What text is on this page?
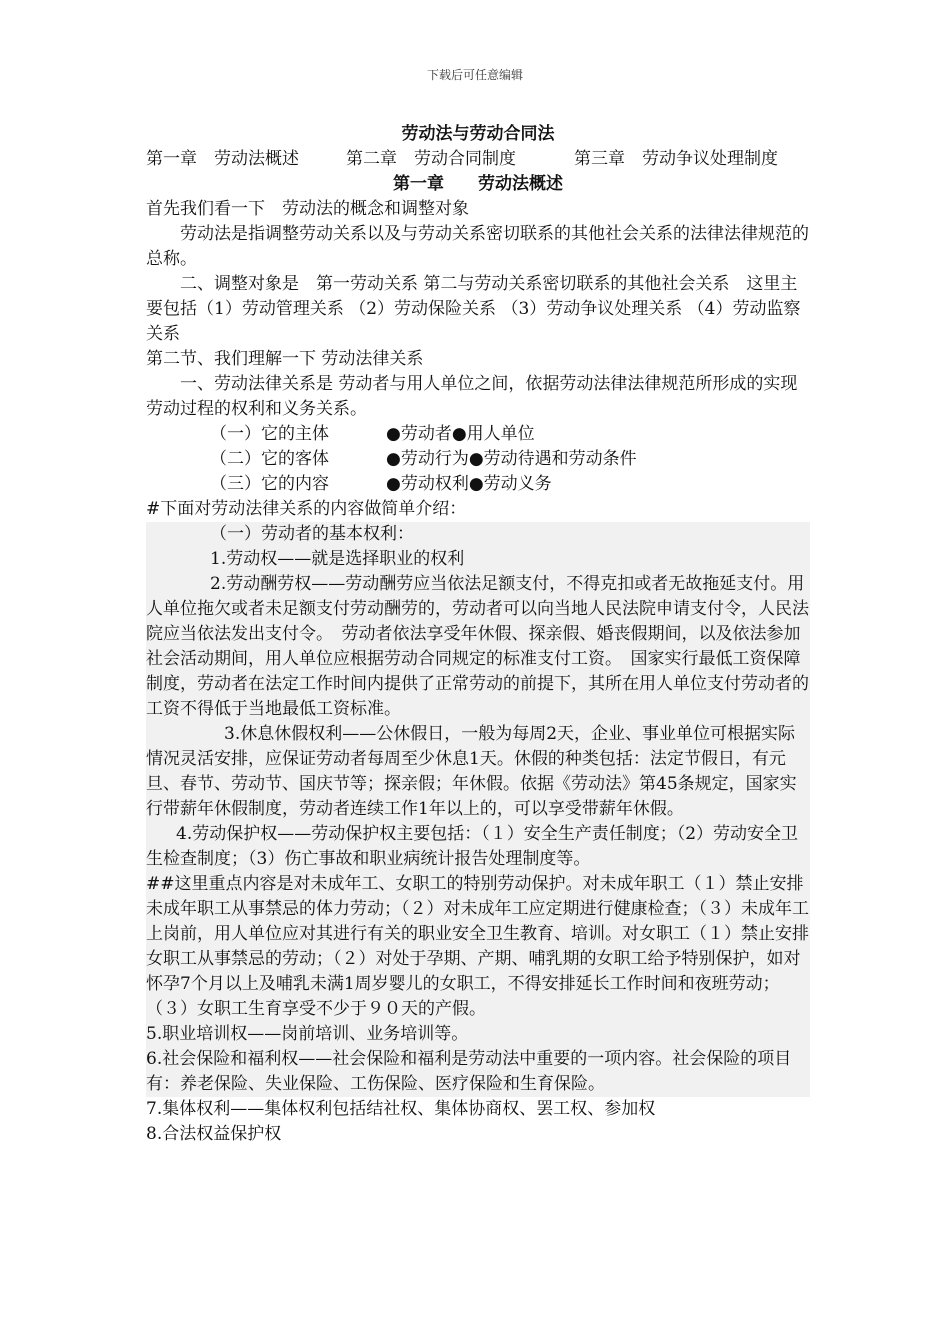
下载后可任意编辑

劳动法与劳动合同法

第一章　劳动法概述	第二章　劳动合同制度	第三章　劳动争议处理制度

第一章　　劳动法概述

首先我们看一下　劳动法的概念和调整对象

劳动法是指调整劳动关系以及与劳动关系密切联系的其他社会关系的法律法律规范的总称。

二、调整对象是　第一劳动关系 第二与劳动关系密切联系的其他社会关系　这里主要包括（1）劳动管理关系 （2）劳动保险关系 （3）劳动争议处理关系 （4）劳动监察关系

第二节、我们理解一下 劳动法律关系

一、劳动法律关系是 劳动者与用人单位之间，依据劳动法律法律规范所形成的实现劳动过程的权利和义务关系。

（一）它的主体	●劳动者●用人单位

（二）它的客体	●劳动行为●劳动待遇和劳动条件

（三）它的内容	●劳动权利●劳动义务

#下面对劳动法律关系的内容做简单介绍：

（一）劳动者的基本权利：

1.劳动权——就是选择职业的权利

2.劳动酬劳权——劳动酬劳应当依法足额支付，不得克扣或者无故拖延支付。用人单位拖欠或者未足额支付劳动酬劳的，劳动者可以向当地人民法院申请支付令，人民法院应当依法发出支付令。　劳动者依法享受年休假、探亲假、婚丧假期间，以及依法参加社会活动期间，用人单位应根据劳动合同规定的标准支付工资。　国家实行最低工资保障制度，劳动者在法定工作时间内提供了正常劳动的前提下，其所在用人单位支付劳动者的工资不得低于当地最低工资标准。

3.休息休假权利——公休假日，一般为每周2天，企业、事业单位可根据实际情况灵活安排，应保证劳动者每周至少休息1天。休假的种类包括：法定节假日，有元旦、春节、劳动节、国庆节等；探亲假；年休假。依据《劳动法》第45条规定，国家实行带薪年休假制度，劳动者连续工作1年以上的，可以享受带薪年休假。

4.劳动保护权——劳动保护权主要包括：（１）安全生产责任制度；（2）劳动安全卫生检查制度；（3）伤亡事故和职业病统计报告处理制度等。

##这里重点内容是对未成年工、女职工的特别劳动保护。对未成年职工（１）禁止安排未成年职工从事禁忌的体力劳动；（２）对未成年工应定期进行健康检查；（３）未成年工上岗前，用人单位应对其进行有关的职业安全卫生教育、培训。对女职工（１）禁止安排女职工从事禁忌的劳动；（２）对处于孕期、产期、哺乳期的女职工给予特别保护，如对怀孕7个月以上及哺乳未满1周岁婴儿的女职工，不得安排延长工作时间和夜班劳动；（３）女职工生育享受不少于９０天的产假。

5.职业培训权——岗前培训、业务培训等。

6.社会保险和福利权——社会保险和福利是劳动法中重要的一项内容。社会保险的项目有：养老保险、失业保险、工伤保险、医疗保险和生育保险。

7.集体权利——集体权利包括结社权、集体协商权、罢工权、参加权

8.合法权益保护权
